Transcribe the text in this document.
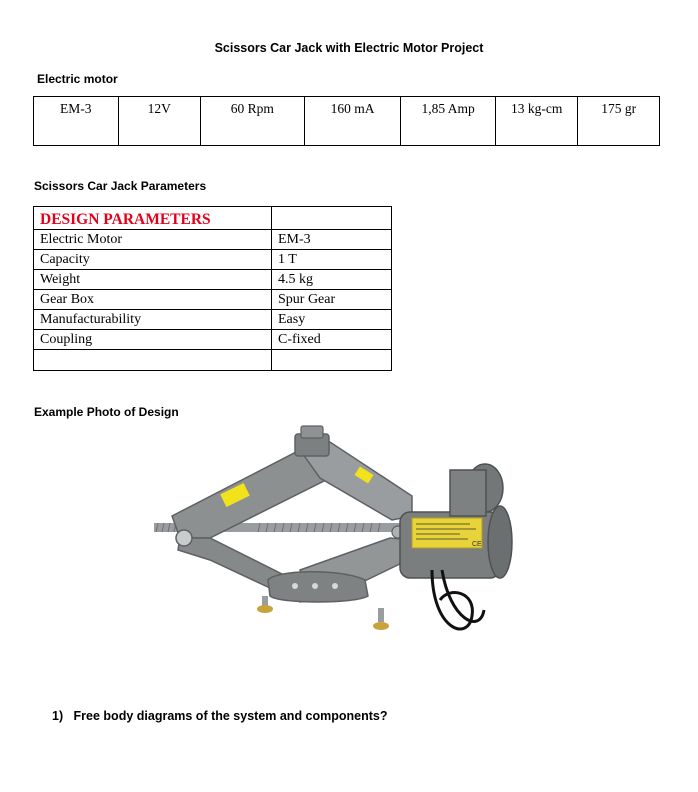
Scissors Car Jack with Electric Motor Project
Electric motor
EM-3	12V	60 Rpm	160 mA	1,85 Amp	13 kg-cm	175 gr
Scissors Car Jack Parameters
DESIGN PARAMETERS	
Electric Motor	EM-3
Capacity	1 T
Weight	4.5 kg
Gear Box	Spur Gear
Manufacturability	Easy
Coupling	C-fixed

Example Photo of Design
CE
1) Free body diagrams of the system and components?
